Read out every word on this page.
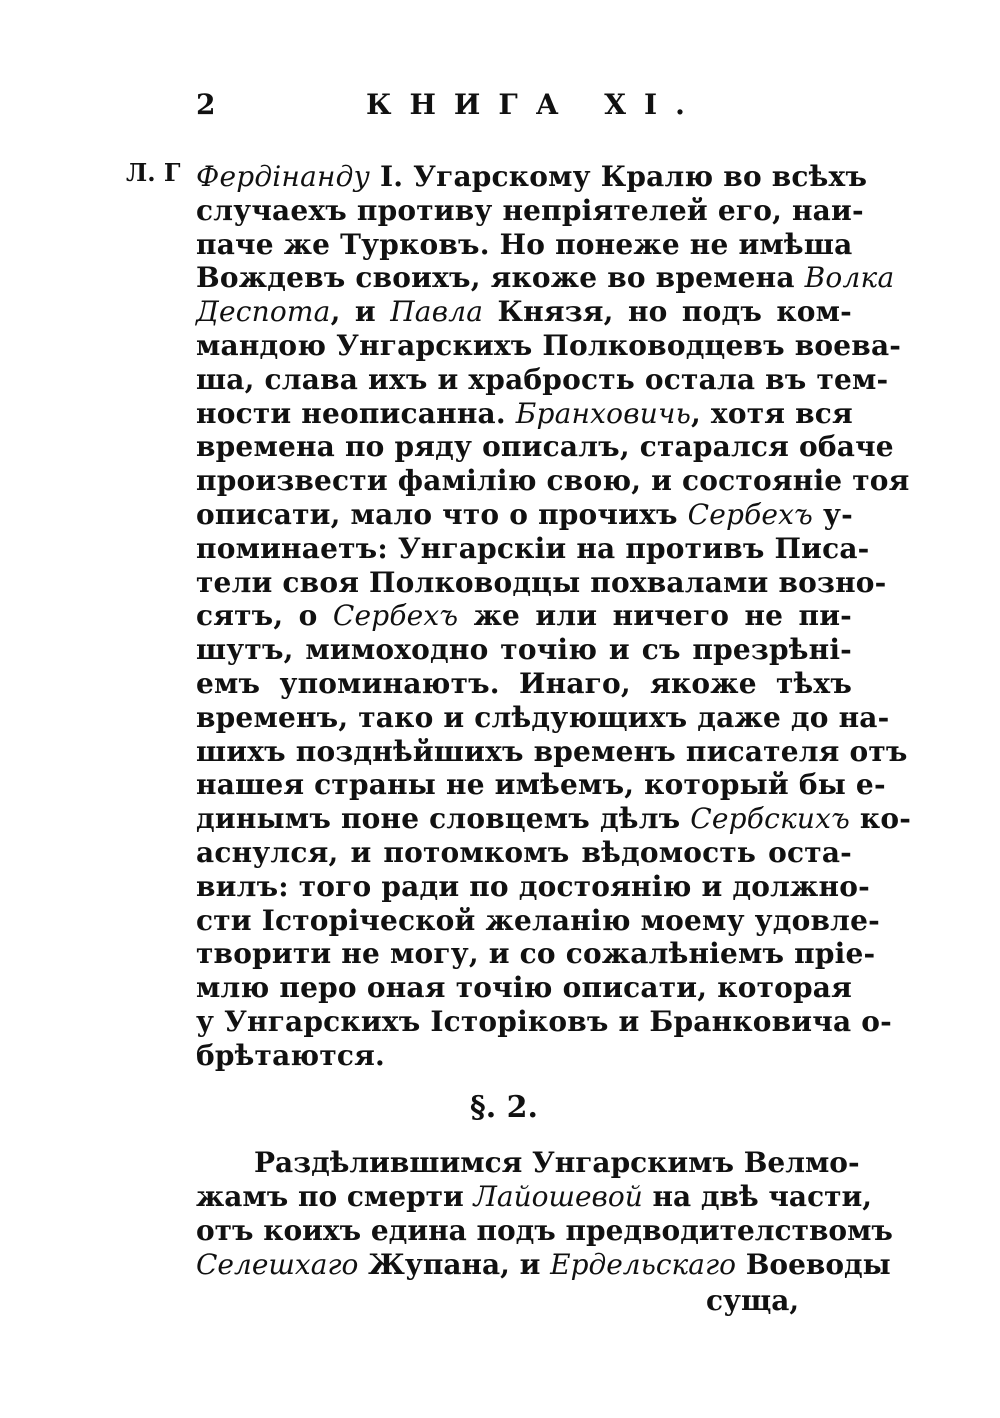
2	КНИГА XI.
Л. Г Фердінанду I. Угарскому Кралю во всѣхъ
случаехъ противу непріятелей его, наи-
паче же Турковъ. Но понеже не имѣша
Вождевъ своихъ, якоже во времена Волка
Деспота, и Павла Князя, но подъ ком-
мандою Унгарскихъ Полководцевъ воева-
ша, слава ихъ и храбрость остала въ тем-
ности неописанна. Бранховичь, хотя вся
времена по ряду описалъ, старался обаче
произвести фамілію свою, и состояніе тоя
описати, мало что о прочихъ Сербехъ у-
поминаетъ: Унгарскіи на противъ Писа-
тели своя Полководцы похвалами возно-
сятъ, о Сербехъ же или ничего не пи-
шутъ, мимоходно точію и съ презрѣні-
емъ упоминаютъ. Инаго, якоже тѣхъ
временъ, тако и слѣдующихъ даже до на-
шихъ позднѣйшихъ временъ писателя отъ
нашея страны не имѣемъ, который бы е-
динымъ поне словцемъ дѣлъ Сербскихъ ко-
аснулся, и потомкомъ вѣдомость оста-
вилъ: того ради по достоянію и должно-
сти Історіческой желанію моему удовле-
творити не могу, и со сожалѣніемъ пріе-
млю перо оная точію описати, которая
у Унгарскихъ Історіковъ и Бранковича о-
брѣтаются.
§. 2.
Раздѣлившимся Унгарскимъ Велмо-
жамъ по смерти Лайошевой на двѣ части,
отъ коихъ едина подъ предводителствомъ
Селешхаго Жупана, и Ердельскаго Воеводы
суща,
